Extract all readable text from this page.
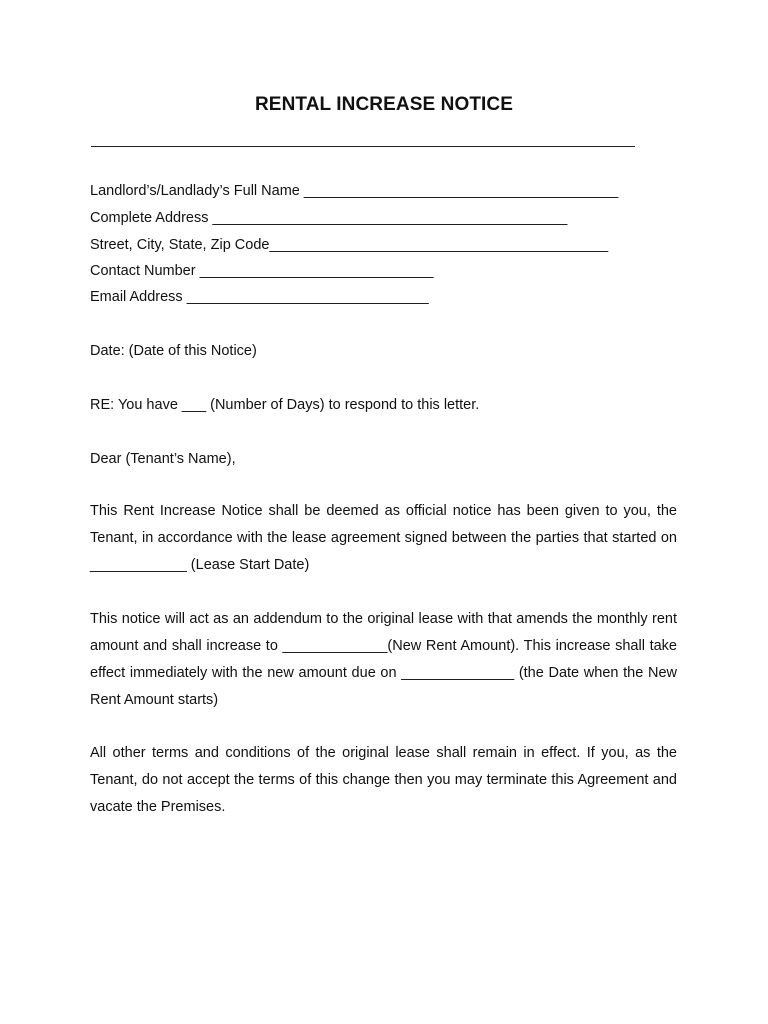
RENTAL INCREASE NOTICE
Landlord’s/Landlady’s Full Name _______________________________________
Complete Address ____________________________________________
Street, City, State, Zip Code__________________________________________
Contact Number _____________________________
Email Address ______________________________
Date: (Date of this Notice)
RE: You have ___ (Number of Days) to respond to this letter.
Dear (Tenant’s Name),
This Rent Increase Notice shall be deemed as official notice has been given to you, the Tenant, in accordance with the lease agreement signed between the parties that started on ____________ (Lease Start Date)
This notice will act as an addendum to the original lease with that amends the monthly rent amount and shall increase to _____________(New Rent Amount). This increase shall take effect immediately with the new amount due on ______________ (the Date when the New Rent Amount starts)
All other terms and conditions of the original lease shall remain in effect. If you, as the Tenant, do not accept the terms of this change then you may terminate this Agreement and vacate the Premises.
